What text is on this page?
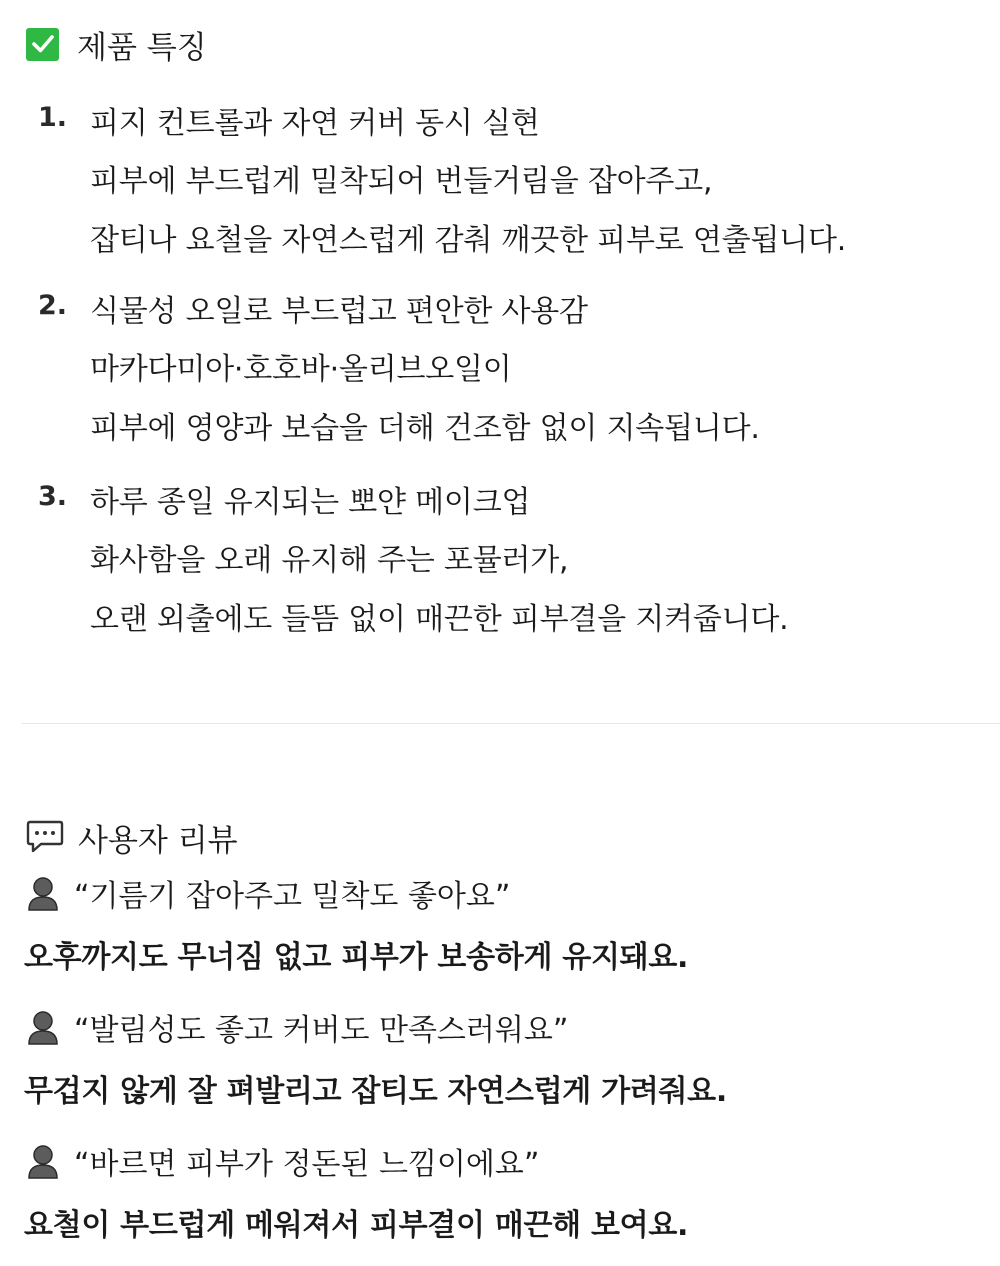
제품 특징
1. 피지 컨트롤과 자연 커버 동시 실현
피부에 부드럽게 밀착되어 번들거림을 잡아주고,
잡티나 요철을 자연스럽게 감춰 깨끗한 피부로 연출됩니다.
2. 식물성 오일로 부드럽고 편안한 사용감
마카다미아·호호바·올리브오일이
피부에 영양과 보습을 더해 건조함 없이 지속됩니다.
3. 하루 종일 유지되는 뽀얀 메이크업
화사함을 오래 유지해 주는 포뮬러가,
오랜 외출에도 들뜸 없이 매끈한 피부결을 지켜줍니다.
사용자 리뷰
“기름기 잡아주고 밀착도 좋아요”
오후까지도 무너짐 없고 피부가 보송하게 유지돼요.
“발림성도 좋고 커버도 만족스러워요”
무겁지 않게 잘 펴발리고 잡티도 자연스럽게 가려줘요.
“바르면 피부가 정돈된 느낌이에요”
요철이 부드럽게 메워져서 피부결이 매끈해 보여요.
